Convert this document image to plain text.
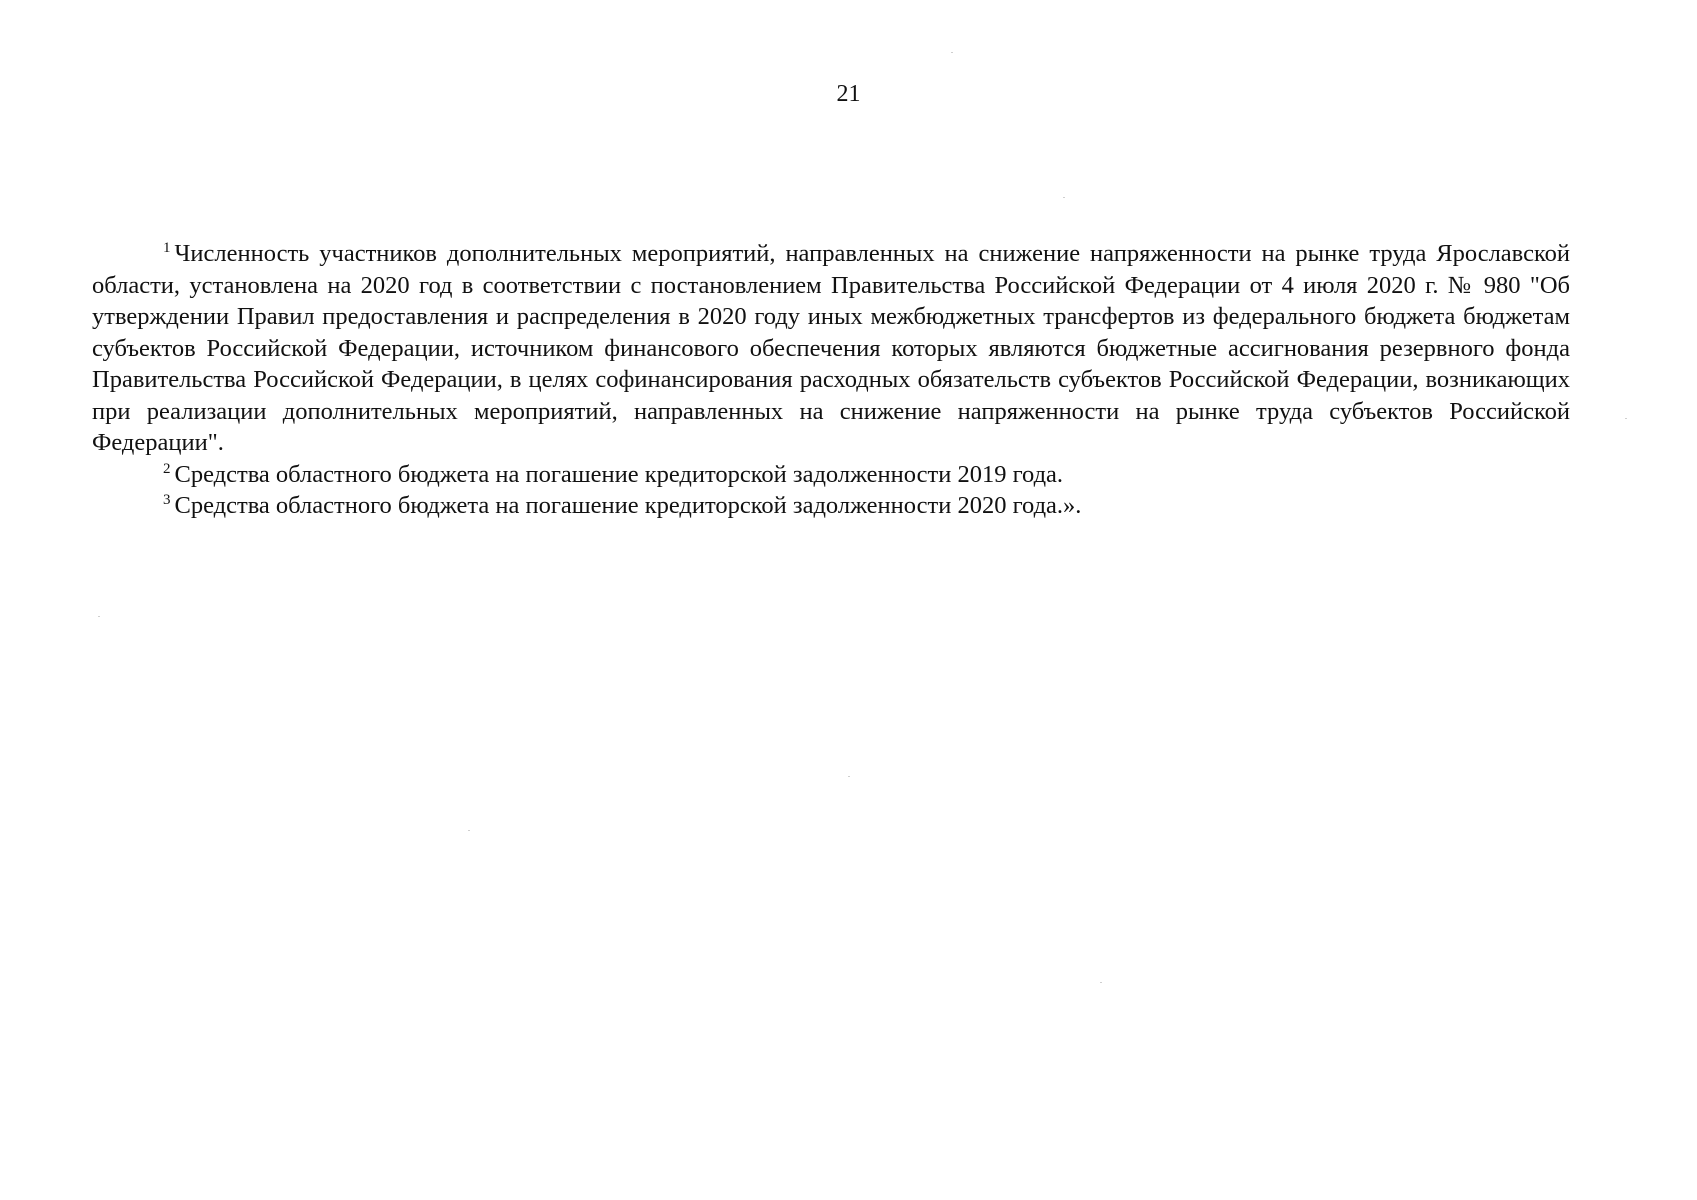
21

$^1$ Численность участников дополнительных мероприятий, направленных на снижение напряженности на рынке труда Ярославской области, установлена на 2020 год в соответствии с постановлением Правительства Российской Федерации от 4 июля 2020 г. № 980 "Об утверждении Правил предоставления и распределения в 2020 году иных межбюджетных трансфертов из федерального бюджета бюджетам субъектов Российской Федерации, источником финансового обеспечения которых являются бюджетные ассигнования резервного фонда Правительства Российской Федерации, в целях софинансирования расходных обязательств субъектов Российской Федерации, возникающих при реализации дополнительных мероприятий, направленных на снижение напряженности на рынке труда субъектов Российской Федерации".

$^2$ Средства областного бюджета на погашение кредиторской задолженности 2019 года.

$^3$ Средства областного бюджета на погашение кредиторской задолженности 2020 года.».
